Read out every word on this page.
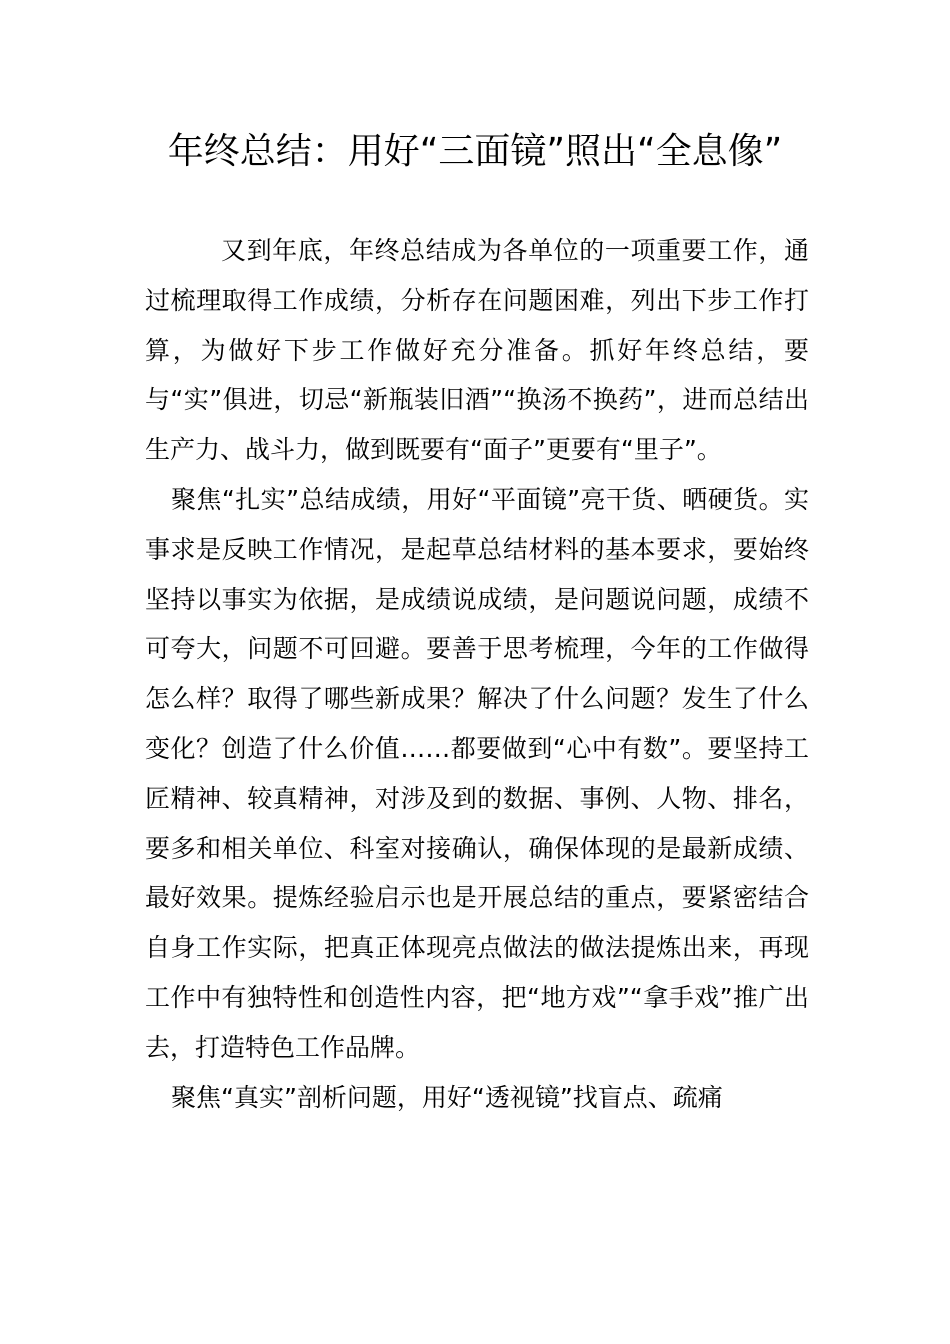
年终总结：用好“三面镜”照出“全息像”

又到年底，年终总结成为各单位的一项重要工作，通过梳理取得工作成绩，分析存在问题困难，列出下步工作打算，为做好下步工作做好充分准备。抓好年终总结，要与“实”俱进，切忌“新瓶装旧酒”“换汤不换药”，进而总结出生产力、战斗力，做到既要有“面子”更要有“里子”。

聚焦“扎实”总结成绩，用好“平面镜”亮干货、晒硬货。实事求是反映工作情况，是起草总结材料的基本要求，要始终坚持以事实为依据，是成绩说成绩，是问题说问题，成绩不可夸大，问题不可回避。要善于思考梳理，今年的工作做得怎么样？取得了哪些新成果？解决了什么问题？发生了什么变化？创造了什么价值……都要做到“心中有数”。要坚持工匠精神、较真精神，对涉及到的数据、事例、人物、排名，要多和相关单位、科室对接确认，确保体现的是最新成绩、最好效果。提炼经验启示也是开展总结的重点，要紧密结合自身工作实际，把真正体现亮点做法的做法提炼出来，再现工作中有独特性和创造性内容，把“地方戏”“拿手戏”推广出去，打造特色工作品牌。

聚焦“真实”剖析问题，用好“透视镜”找盲点、疏痛
